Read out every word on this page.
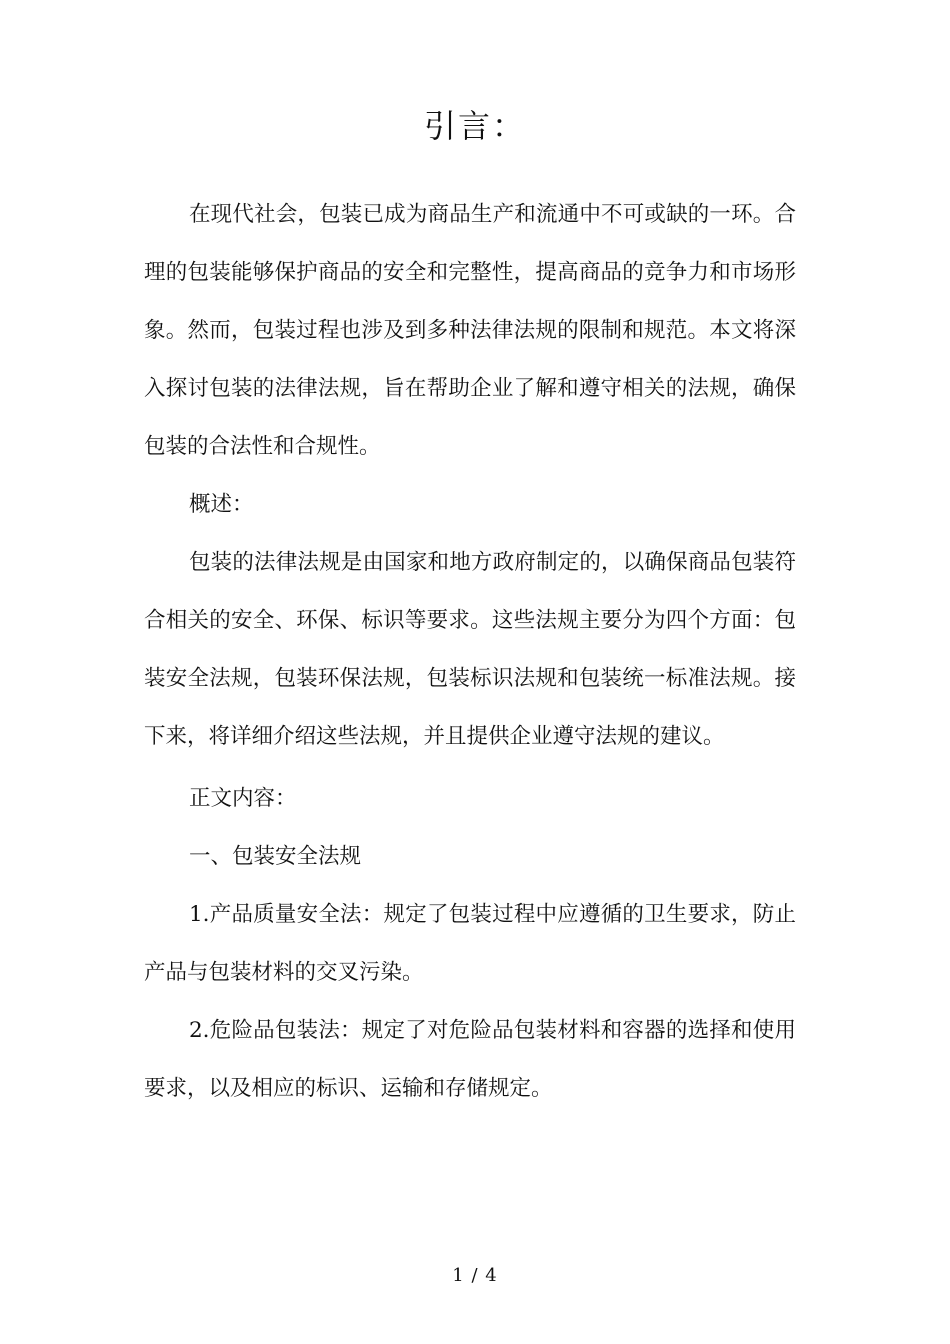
引言：

在现代社会，包装已成为商品生产和流通中不可或缺的一环。合理的包装能够保护商品的安全和完整性，提高商品的竞争力和市场形象。然而，包装过程也涉及到多种法律法规的限制和规范。本文将深入探讨包装的法律法规，旨在帮助企业了解和遵守相关的法规，确保包装的合法性和合规性。

概述：

包装的法律法规是由国家和地方政府制定的，以确保商品包装符合相关的安全、环保、标识等要求。这些法规主要分为四个方面：包装安全法规，包装环保法规，包装标识法规和包装统一标准法规。接下来，将详细介绍这些法规，并且提供企业遵守法规的建议。

正文内容：

一、包装安全法规

1.产品质量安全法：规定了包装过程中应遵循的卫生要求，防止产品与包装材料的交叉污染。

2.危险品包装法：规定了对危险品包装材料和容器的选择和使用要求，以及相应的标识、运输和存储规定。

1 / 4
